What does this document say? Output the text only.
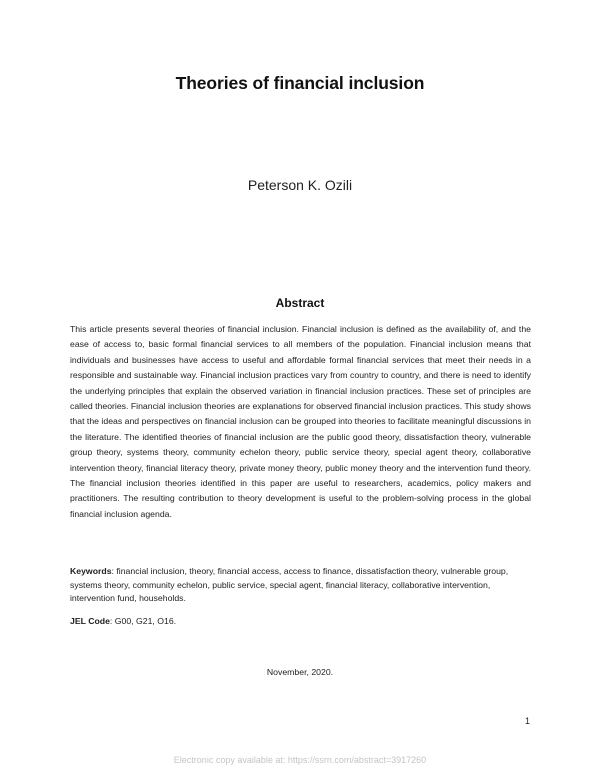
Theories of financial inclusion
Peterson K. Ozili
Abstract
This article presents several theories of financial inclusion. Financial inclusion is defined as the availability of, and the ease of access to, basic formal financial services to all members of the population. Financial inclusion means that individuals and businesses have access to useful and affordable formal financial services that meet their needs in a responsible and sustainable way. Financial inclusion practices vary from country to country, and there is need to identify the underlying principles that explain the observed variation in financial inclusion practices. These set of principles are called theories. Financial inclusion theories are explanations for observed financial inclusion practices. This study shows that the ideas and perspectives on financial inclusion can be grouped into theories to facilitate meaningful discussions in the literature. The identified theories of financial inclusion are the public good theory, dissatisfaction theory, vulnerable group theory, systems theory, community echelon theory, public service theory, special agent theory, collaborative intervention theory, financial literacy theory, private money theory, public money theory and the intervention fund theory. The financial inclusion theories identified in this paper are useful to researchers, academics, policy makers and practitioners. The resulting contribution to theory development is useful to the problem-solving process in the global financial inclusion agenda.
Keywords: financial inclusion, theory, financial access, access to finance, dissatisfaction theory, vulnerable group, systems theory, community echelon, public service, special agent, financial literacy, collaborative intervention, intervention fund, households.
JEL Code: G00, G21, O16.
November, 2020.
1
Electronic copy available at: https://ssrn.com/abstract=3917260
